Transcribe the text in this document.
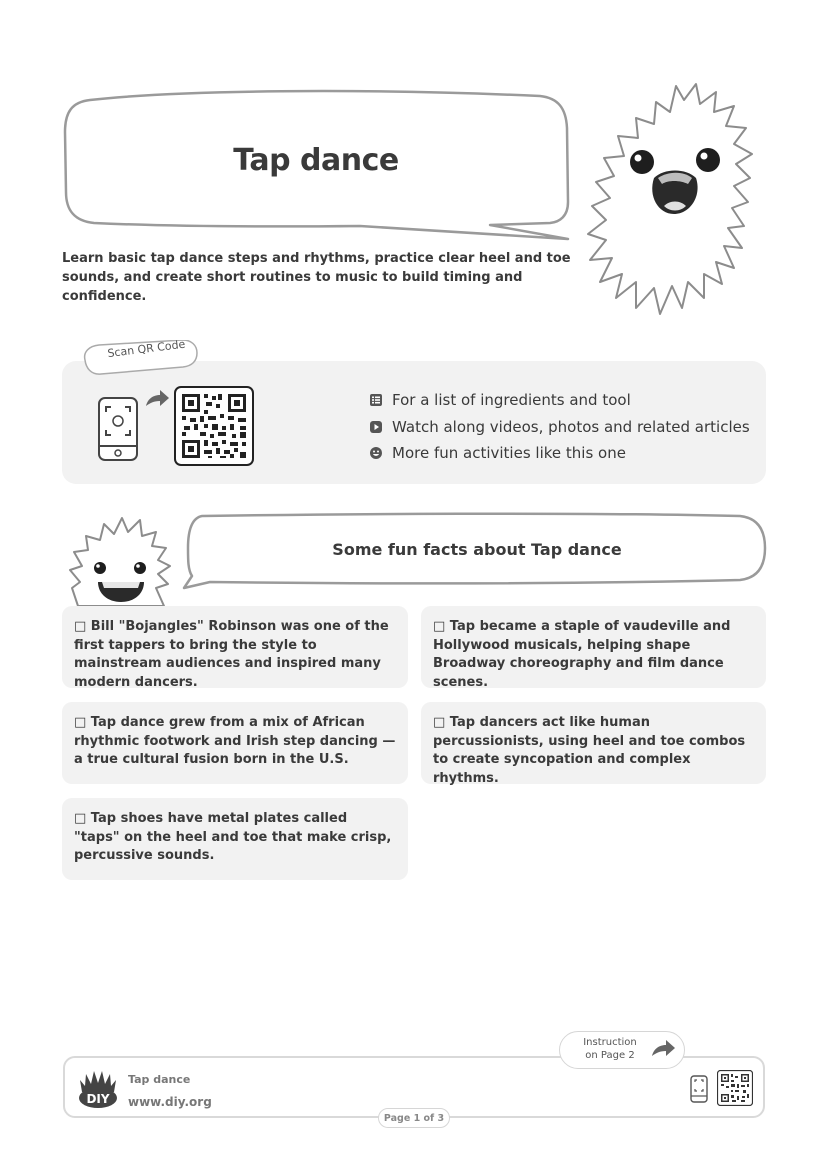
Tap dance
Learn basic tap dance steps and rhythms, practice clear heel and toe sounds, and create short routines to music to build timing and confidence.
Scan QR Code
For a list of ingredients and tool
Watch along videos, photos and related articles
More fun activities like this one
Some fun facts about Tap dance
□ Bill "Bojangles" Robinson was one of the first tappers to bring the style to mainstream audiences and inspired many modern dancers.
□ Tap became a staple of vaudeville and Hollywood musicals, helping shape Broadway choreography and film dance scenes.
□ Tap dance grew from a mix of African rhythmic footwork and Irish step dancing — a true cultural fusion born in the U.S.
□ Tap dancers act like human percussionists, using heel and toe combos to create syncopation and complex rhythms.
□ Tap shoes have metal plates called "taps" on the heel and toe that make crisp, percussive sounds.
DIY
Tap dance
www.diy.org
Instruction
on Page 2
Page 1 of 3
